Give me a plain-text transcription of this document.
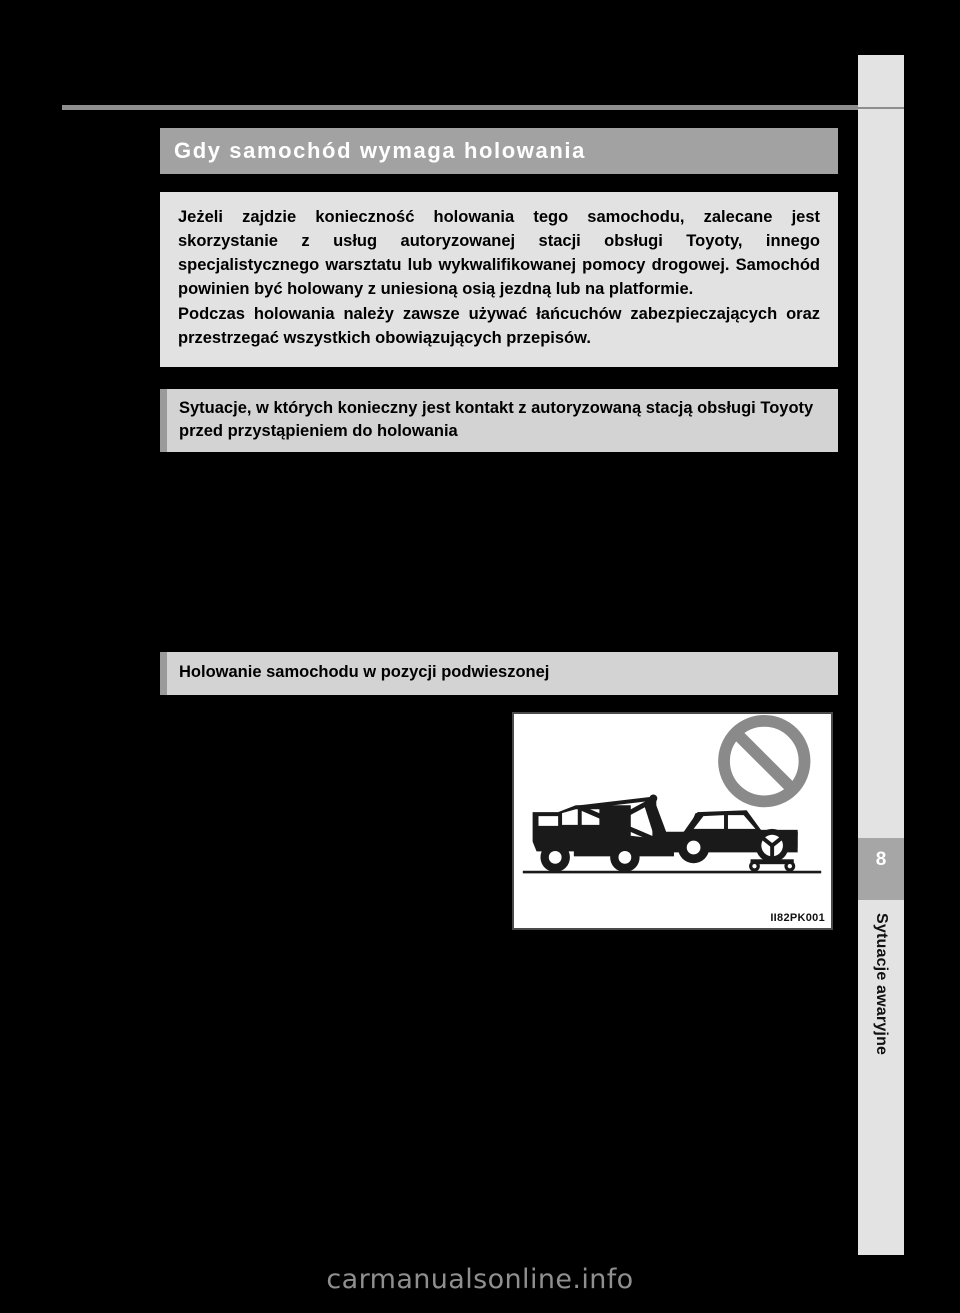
8
Sytuacje awaryjne
Gdy samochód wymaga holowania

Jeżeli zajdzie konieczność holowania tego samochodu, zalecane jest skorzystanie z usług autoryzowanej stacji obsługi Toyoty, innego specjalistycznego warsztatu lub wykwalifikowanej pomocy drogowej. Samochód powinien być holowany z uniesioną osią jezdną lub na platformie.

Podczas holowania należy zawsze używać łańcuchów zabezpieczających oraz przestrzegać wszystkich obowiązujących przepisów.

Sytuacje, w których konieczny jest kontakt z autoryzowaną stacją obsługi Toyoty przed przystąpieniem do holowania
Holowanie samochodu w pozycji podwieszonej
II82PK001
carmanualsonline.info
